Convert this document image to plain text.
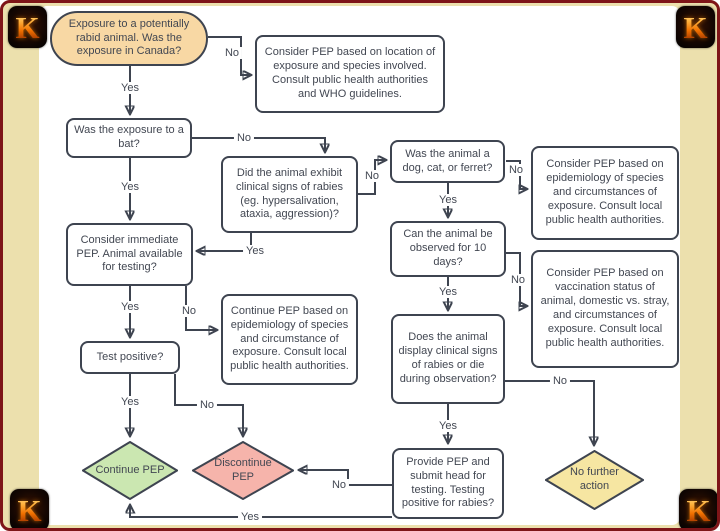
Exposure to a potentially rabid animal. Was the exposure in Canada?	Consider PEP based on location of exposure and species involved. Consult public health authorities and WHO guidelines.
Was the exposure to a bat?
Did the animal exhibit clinical signs of rabies (eg. hypersalivation, ataxia, aggression)?
Was the animal a dog, cat, or ferret?	Consider PEP based on epidemiology of species and circumstances of exposure. Consult local public health authorities.
Consider immediate PEP. Animal available for testing?
Can the animal be observed for 10 days?
Consider PEP based on vaccination status of animal, domestic vs. stray, and circumstances of exposure. Consult local public health authorities.
Continue PEP based on epidemiology of species and circumstance of exposure. Consult local public health authorities.
Does the animal display clinical signs of rabies or die during observation?
Test positive?
Provide PEP and submit head for testing. Testing positive for rabies?
Continue PEP
Discontinue PEP	No further action
No
Yes
No
Yes
No
Yes
Yes
No
Yes
No
Yes	No
Yes	No
Yes
No
No
Yes
K	K
K	K
